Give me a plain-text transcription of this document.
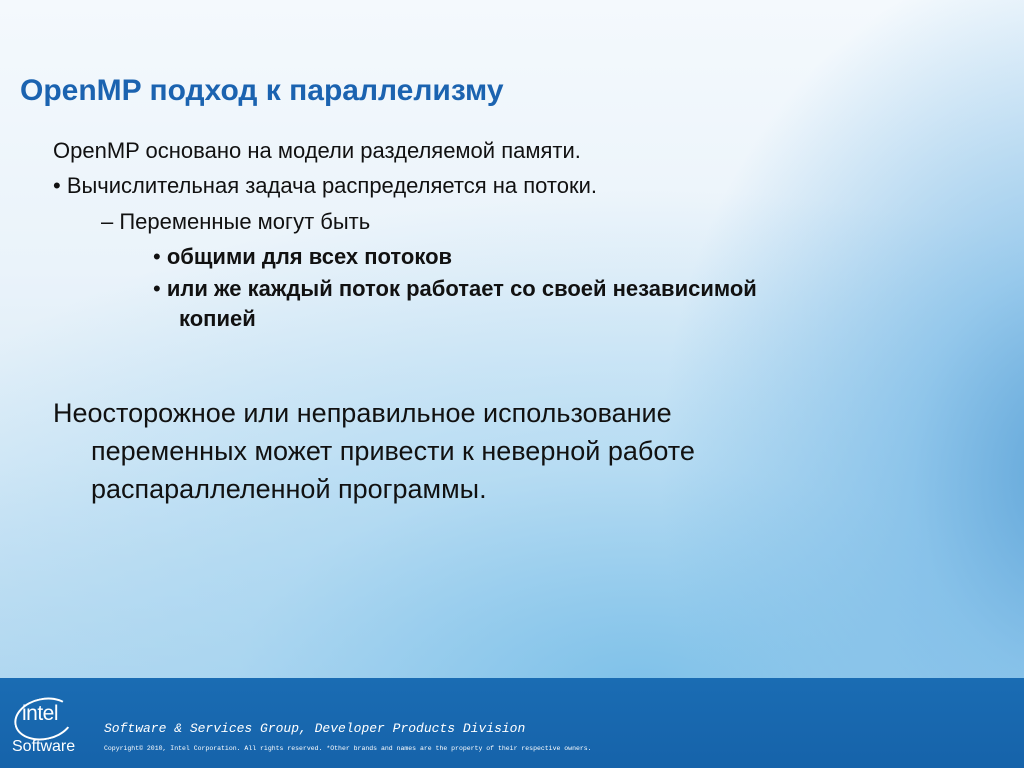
OpenMP подход к параллелизму
OpenMP основано на модели разделяемой памяти.
• Вычислительная задача распределяется на потоки.
– Переменные могут быть
• общими для всех потоков
• или же каждый поток работает со своей независимой
копией
Неосторожное или неправильное использование
переменных может привести к неверной работе
распараллеленной программы.
intel
Software
Software & Services Group, Developer Products Division
Copyright© 2010, Intel Corporation. All rights reserved. *Other brands and names are the property of their respective owners.
